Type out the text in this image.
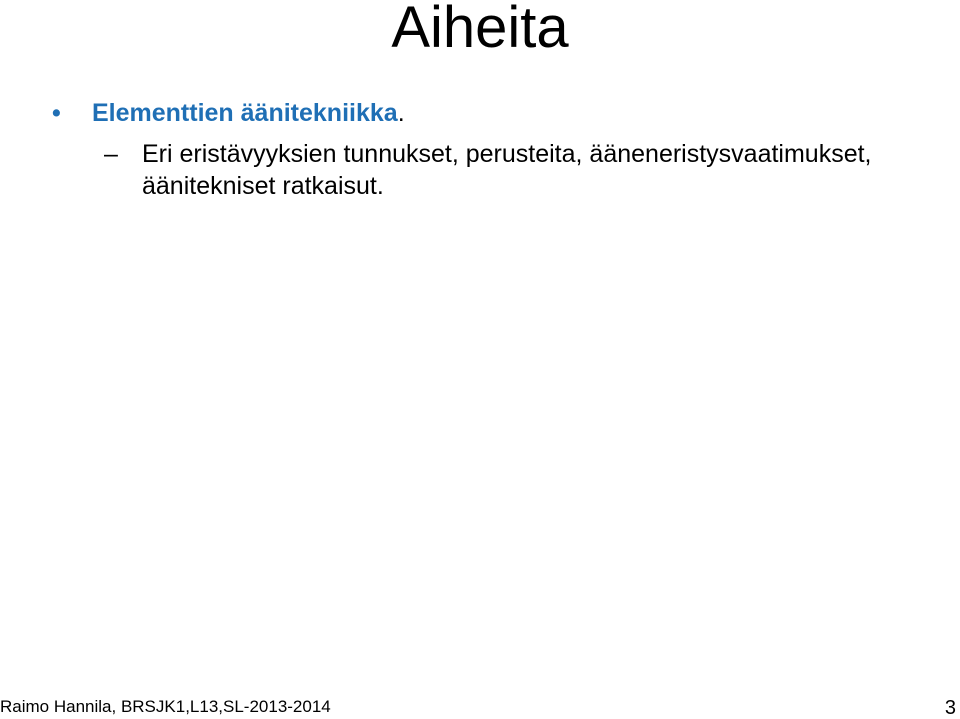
Aiheita
• Elementtien äänitekniikka.
– Eri eristävyyksien tunnukset, perusteita, ääneneristysvaatimukset, äänitekniset ratkaisut.
Raimo Hannila, BRSJK1,L13,SL-2013-2014	3
